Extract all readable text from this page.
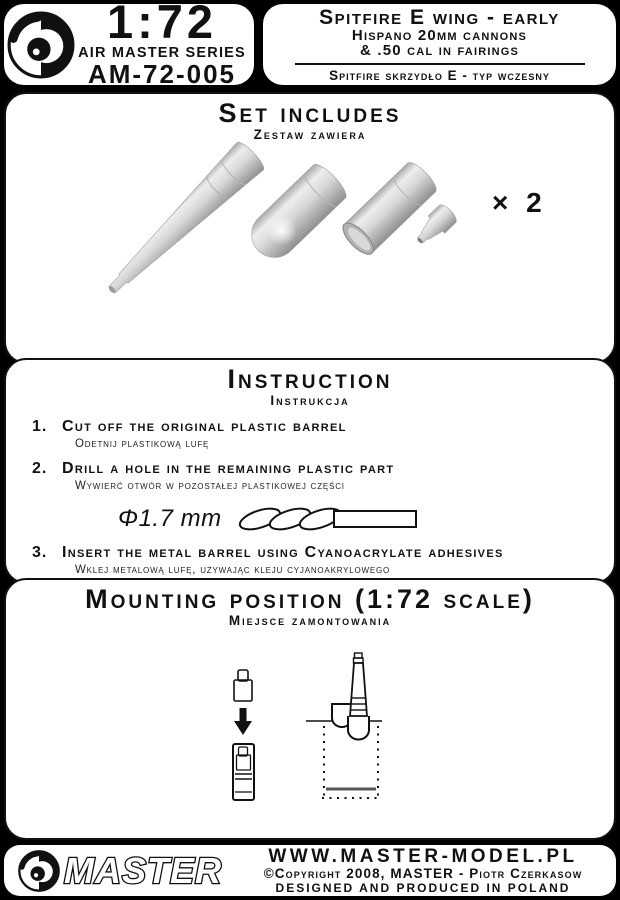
1:72
AIR MASTER SERIES
AM-72-005
Spitfire E wing - early
Hispano 20mm cannons
& .50 cal in fairings
Spitfire skrzydło E - typ wczesny
Set includes
Zestaw zawiera
× 2
Instruction
Instrukcja
1. Cut off the original plastic barrel
Odetnij plastikową lufę
2. Drill a hole in the remaining plastic part
Wywierć otwór w pozostałej plastikowej części
Φ1.7 mm
3. Insert the metal barrel using Cyanoacrylate adhesives
Wklej metalową lufę, używając kleju cyjanoakrylowego
Mounting position (1:72 scale)
Miejsce zamontowania
MASTER WWW.MASTER-MODEL.PL
©Copyright 2008, MASTER - Piotr Czerkasow
DESIGNED AND PRODUCED IN POLAND
